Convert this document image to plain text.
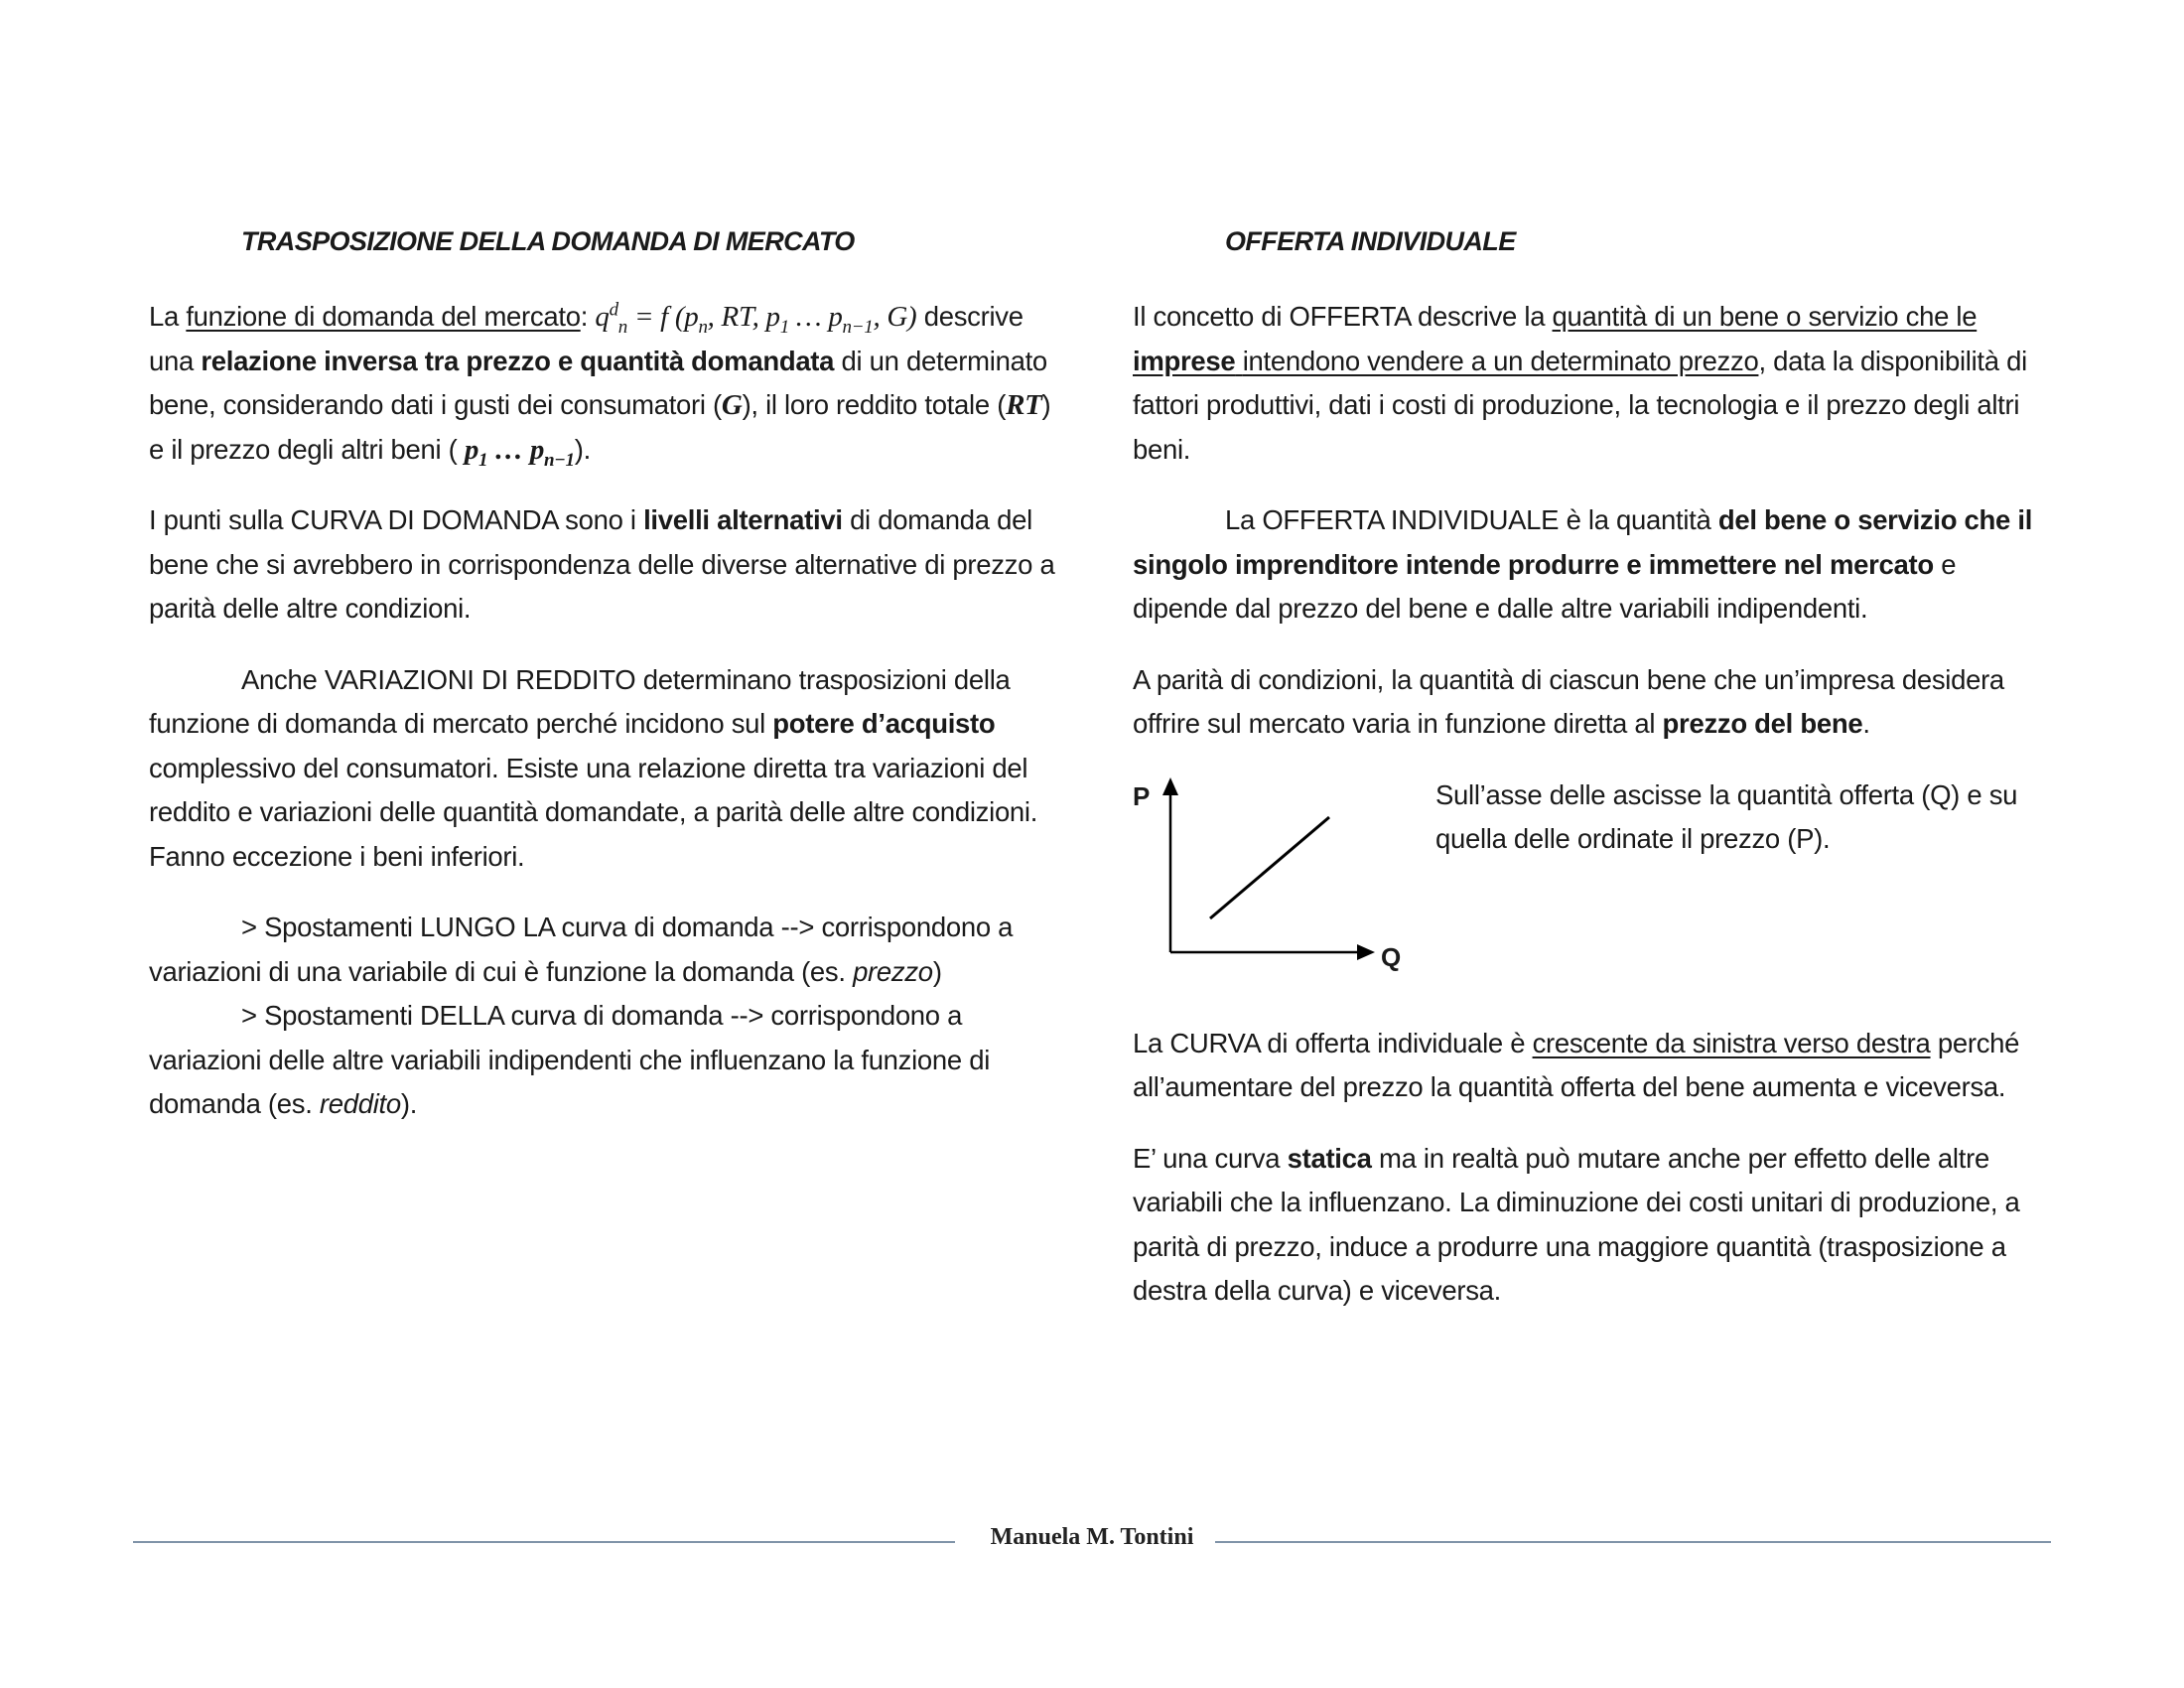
TRASPOSIZIONE DELLA DOMANDA DI MERCATO

La funzione di domanda del mercato: $q^d_n = f$ ($p_n$, RT, $p_1$ … $p_{n-1}$, G) descrive una relazione inversa tra prezzo e quantità domandata di un determinato bene, considerando dati i gusti dei consumatori (G), il loro reddito totale (RT) e il prezzo degli altri beni ( $p_1$ … $p_{n-1}$).

I punti sulla CURVA DI DOMANDA sono i livelli alternativi di domanda del bene che si avrebbero in corrispondenza delle diverse alternative di prezzo a parità delle altre condizioni.

Anche VARIAZIONI DI REDDITO determinano trasposizioni della funzione di domanda di mercato perché incidono sul potere d’acquisto complessivo del consumatori. Esiste una relazione diretta tra variazioni del reddito e variazioni delle quantità domandate, a parità delle altre condizioni. Fanno eccezione i beni inferiori.

> Spostamenti LUNGO LA curva di domanda --> corrispondono a variazioni di una variabile di cui è funzione la domanda (es. prezzo)

> Spostamenti DELLA curva di domanda --> corrispondono a variazioni delle altre variabili indipendenti che influenzano la funzione di domanda (es. reddito).

OFFERTA INDIVIDUALE

Il concetto di OFFERTA descrive la quantità di un bene o servizio che le imprese intendono vendere a un determinato prezzo, data la disponibilità di fattori produttivi, dati i costi di produzione, la tecnologia e il prezzo degli altri beni.

La OFFERTA INDIVIDUALE è la quantità del bene o servizio che il singolo imprenditore intende produrre e immettere nel mercato e dipende dal prezzo del bene e dalle altre variabili indipendenti.

A parità di condizioni, la quantità di ciascun bene che un’impresa desidera offrire sul mercato varia in funzione diretta al prezzo del bene.

P
Q

Sull’asse delle ascisse la quantità offerta (Q) e su quella delle ordinate il prezzo (P).

La CURVA di offerta individuale è crescente da sinistra verso destra perché all’aumentare del prezzo la quantità offerta del bene aumenta e viceversa.

E’ una curva statica ma in realtà può mutare anche per effetto delle altre variabili che la influenzano. La diminuzione dei costi unitari di produzione, a parità di prezzo, induce a produrre una maggiore quantità (trasposizione a destra della curva) e viceversa.

Manuela M. Tontini
